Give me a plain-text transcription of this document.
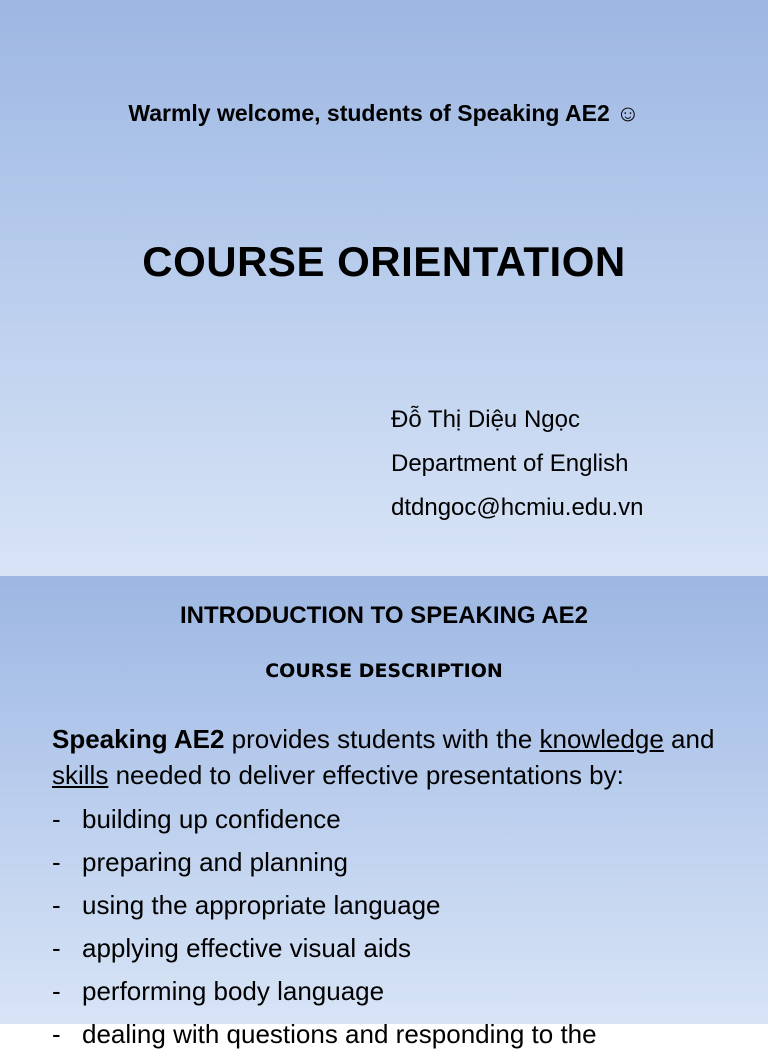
Warmly welcome, students of Speaking AE2 ☺
COURSE ORIENTATION
Đỗ Thị Diệu Ngọc
Department of English
dtdngoc@hcmiu.edu.vn
INTRODUCTION TO SPEAKING AE2
COURSE DESCRIPTION
Speaking AE2 provides students with the knowledge and skills needed to deliver effective presentations by:
- building up confidence
- preparing and planning
- using the appropriate language
- applying effective visual aids
- performing body language
- dealing with questions and responding to the
